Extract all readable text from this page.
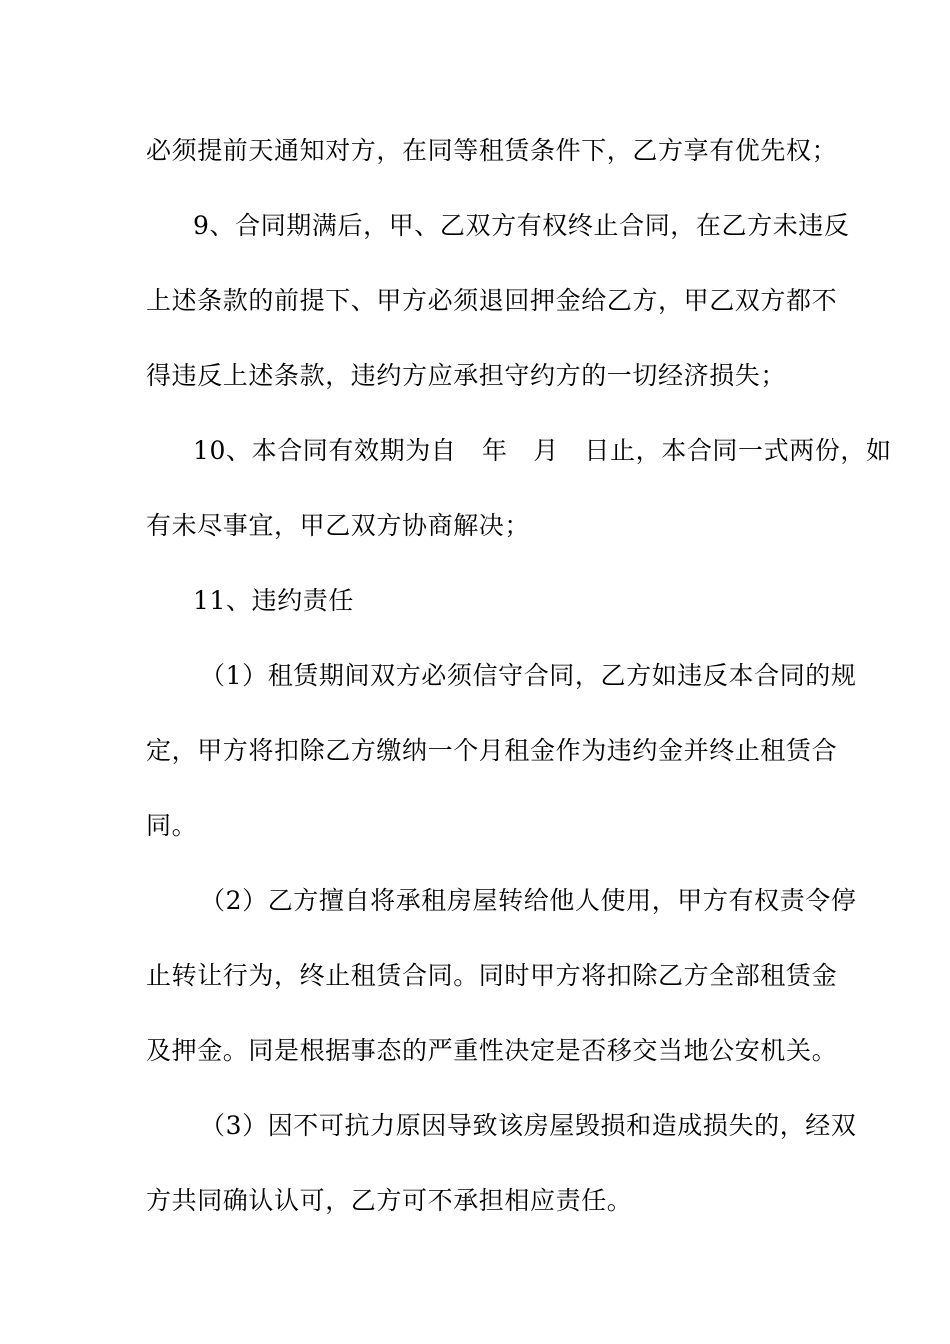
必须提前天通知对方，在同等租赁条件下，乙方享有优先权；
9、合同期满后，甲、乙双方有权终止合同，在乙方未违反
上述条款的前提下、甲方必须退回押金给乙方，甲乙双方都不
得违反上述条款，违约方应承担守约方的一切经济损失；
10、本合同有效期为自　年　月　日止，本合同一式两份，如
有未尽事宜，甲乙双方协商解决；
11、违约责任
（1）租赁期间双方必须信守合同，乙方如违反本合同的规
定，甲方将扣除乙方缴纳一个月租金作为违约金并终止租赁合
同。
（2）乙方擅自将承租房屋转给他人使用，甲方有权责令停
止转让行为，终止租赁合同。同时甲方将扣除乙方全部租赁金
及押金。同是根据事态的严重性决定是否移交当地公安机关。
（3）因不可抗力原因导致该房屋毁损和造成损失的，经双
方共同确认认可，乙方可不承担相应责任。
